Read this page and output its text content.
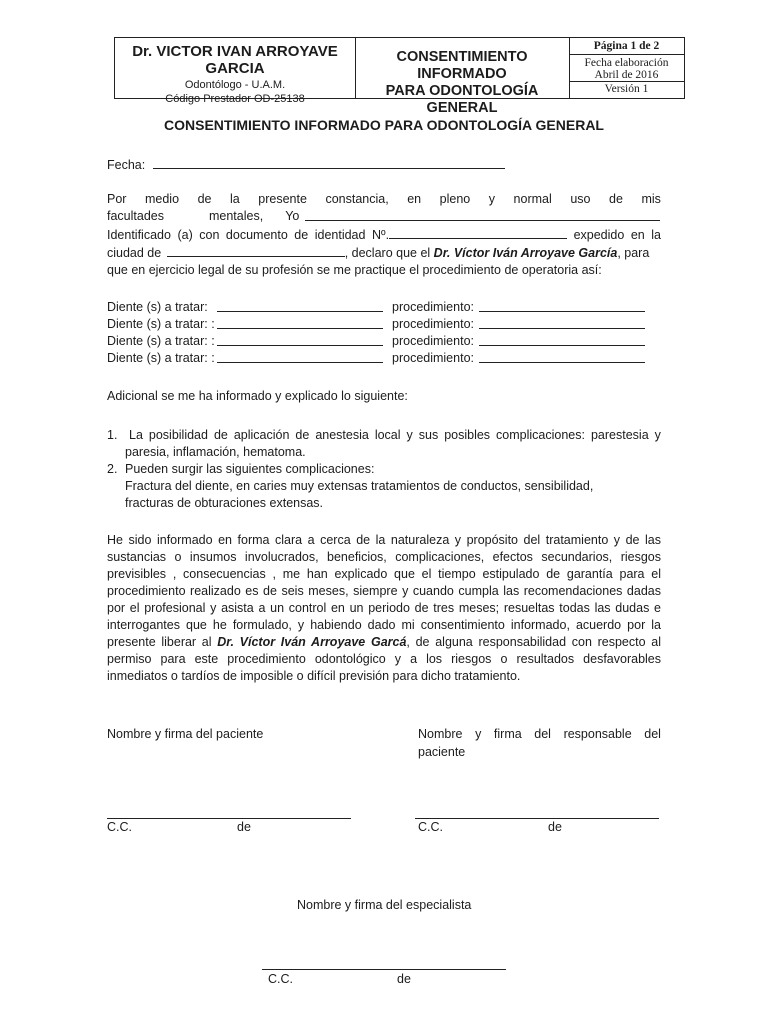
Dr. VICTOR IVAN ARROYAVE GARCIA
Odontólogo - U.A.M.
Código Prestador OD-25138
CONSENTIMIENTO INFORMADO
PARA ODONTOLOGÍA GENERAL
Página 1 de 2
Fecha elaboración
Abril de 2016
Versión 1
CONSENTIMIENTO INFORMADO PARA ODONTOLOGÍA GENERAL
Fecha:
Por medio de la presente constancia, en pleno y normal uso de mis
facultades	mentales, Yo
Identificado (a) con documento de identidad Nº.	expedido en la
ciudad de	, declaro que el Dr. Víctor Iván Arroyave García, para
que en ejercicio legal de su profesión se me practique el procedimiento de operatoria así:
Diente (s) a tratar:	procedimiento:
Diente (s) a tratar: :	procedimiento:
Diente (s) a tratar: :	procedimiento:
Diente (s) a tratar: :	procedimiento:
Adicional se me ha informado y explicado lo siguiente:
1. La posibilidad de aplicación de anestesia local y sus posibles complicaciones: parestesia y
paresia, inflamación, hematoma.
2. Pueden surgir las siguientes complicaciones:
Fractura del diente, en caries muy extensas tratamientos de conductos, sensibilidad,
fracturas de obturaciones extensas.
He sido informado en forma clara a cerca de la naturaleza y propósito del tratamiento y de las
sustancias o insumos involucrados, beneficios, complicaciones, efectos secundarios, riesgos
previsibles , consecuencias , me han explicado que el tiempo estipulado de garantía para el
procedimiento realizado es de seis meses, siempre y cuando cumpla las recomendaciones dadas
por el profesional y asista a un control en un periodo de tres meses; resueltas todas las dudas e
interrogantes que he formulado, y habiendo dado mi consentimiento informado, acuerdo por la
presente liberar al Dr. Víctor Iván Arroyave Garcá, de alguna responsabilidad con respecto al
permiso para este procedimiento odontológico y a los riesgos o resultados desfavorables
inmediatos o tardíos de imposible o difícil previsión para dicho tratamiento.
Nombre y firma del paciente	Nombre y firma del responsable del
paciente
C.C.	de	C.C.	de
Nombre y firma del especialista
C.C.	de
